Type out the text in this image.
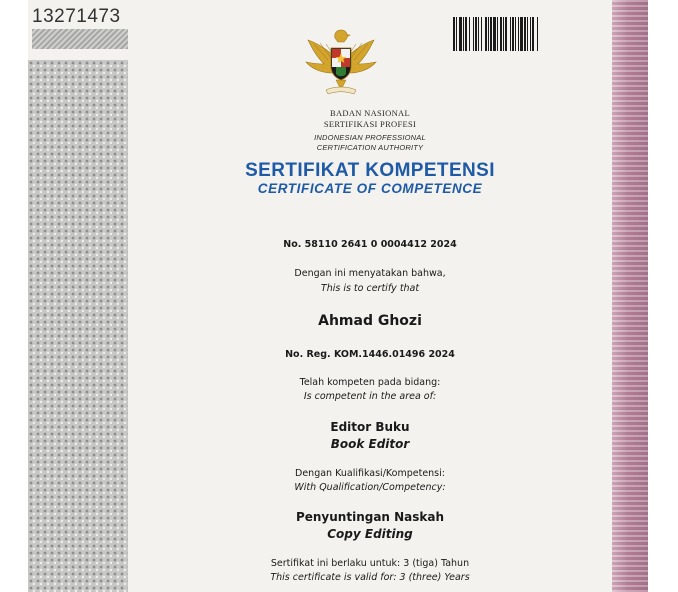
13271473
BADAN NASIONAL
SERTIFIKASI PROFESI
INDONESIAN PROFESSIONAL
CERTIFICATION AUTHORITY
SERTIFIKAT KOMPETENSI
CERTIFICATE OF COMPETENCE
No. 58110 2641 0 0004412 2024
Dengan ini menyatakan bahwa,
This is to certify that
Ahmad Ghozi
No. Reg. KOM.1446.01496 2024
Telah kompeten pada bidang:
Is competent in the area of:
Editor Buku
Book Editor
Dengan Kualifikasi/Kompetensi:
With Qualification/Competency:
Penyuntingan Naskah
Copy Editing
Sertifikat ini berlaku untuk: 3 (tiga) Tahun
This certificate is valid for: 3 (three) Years
